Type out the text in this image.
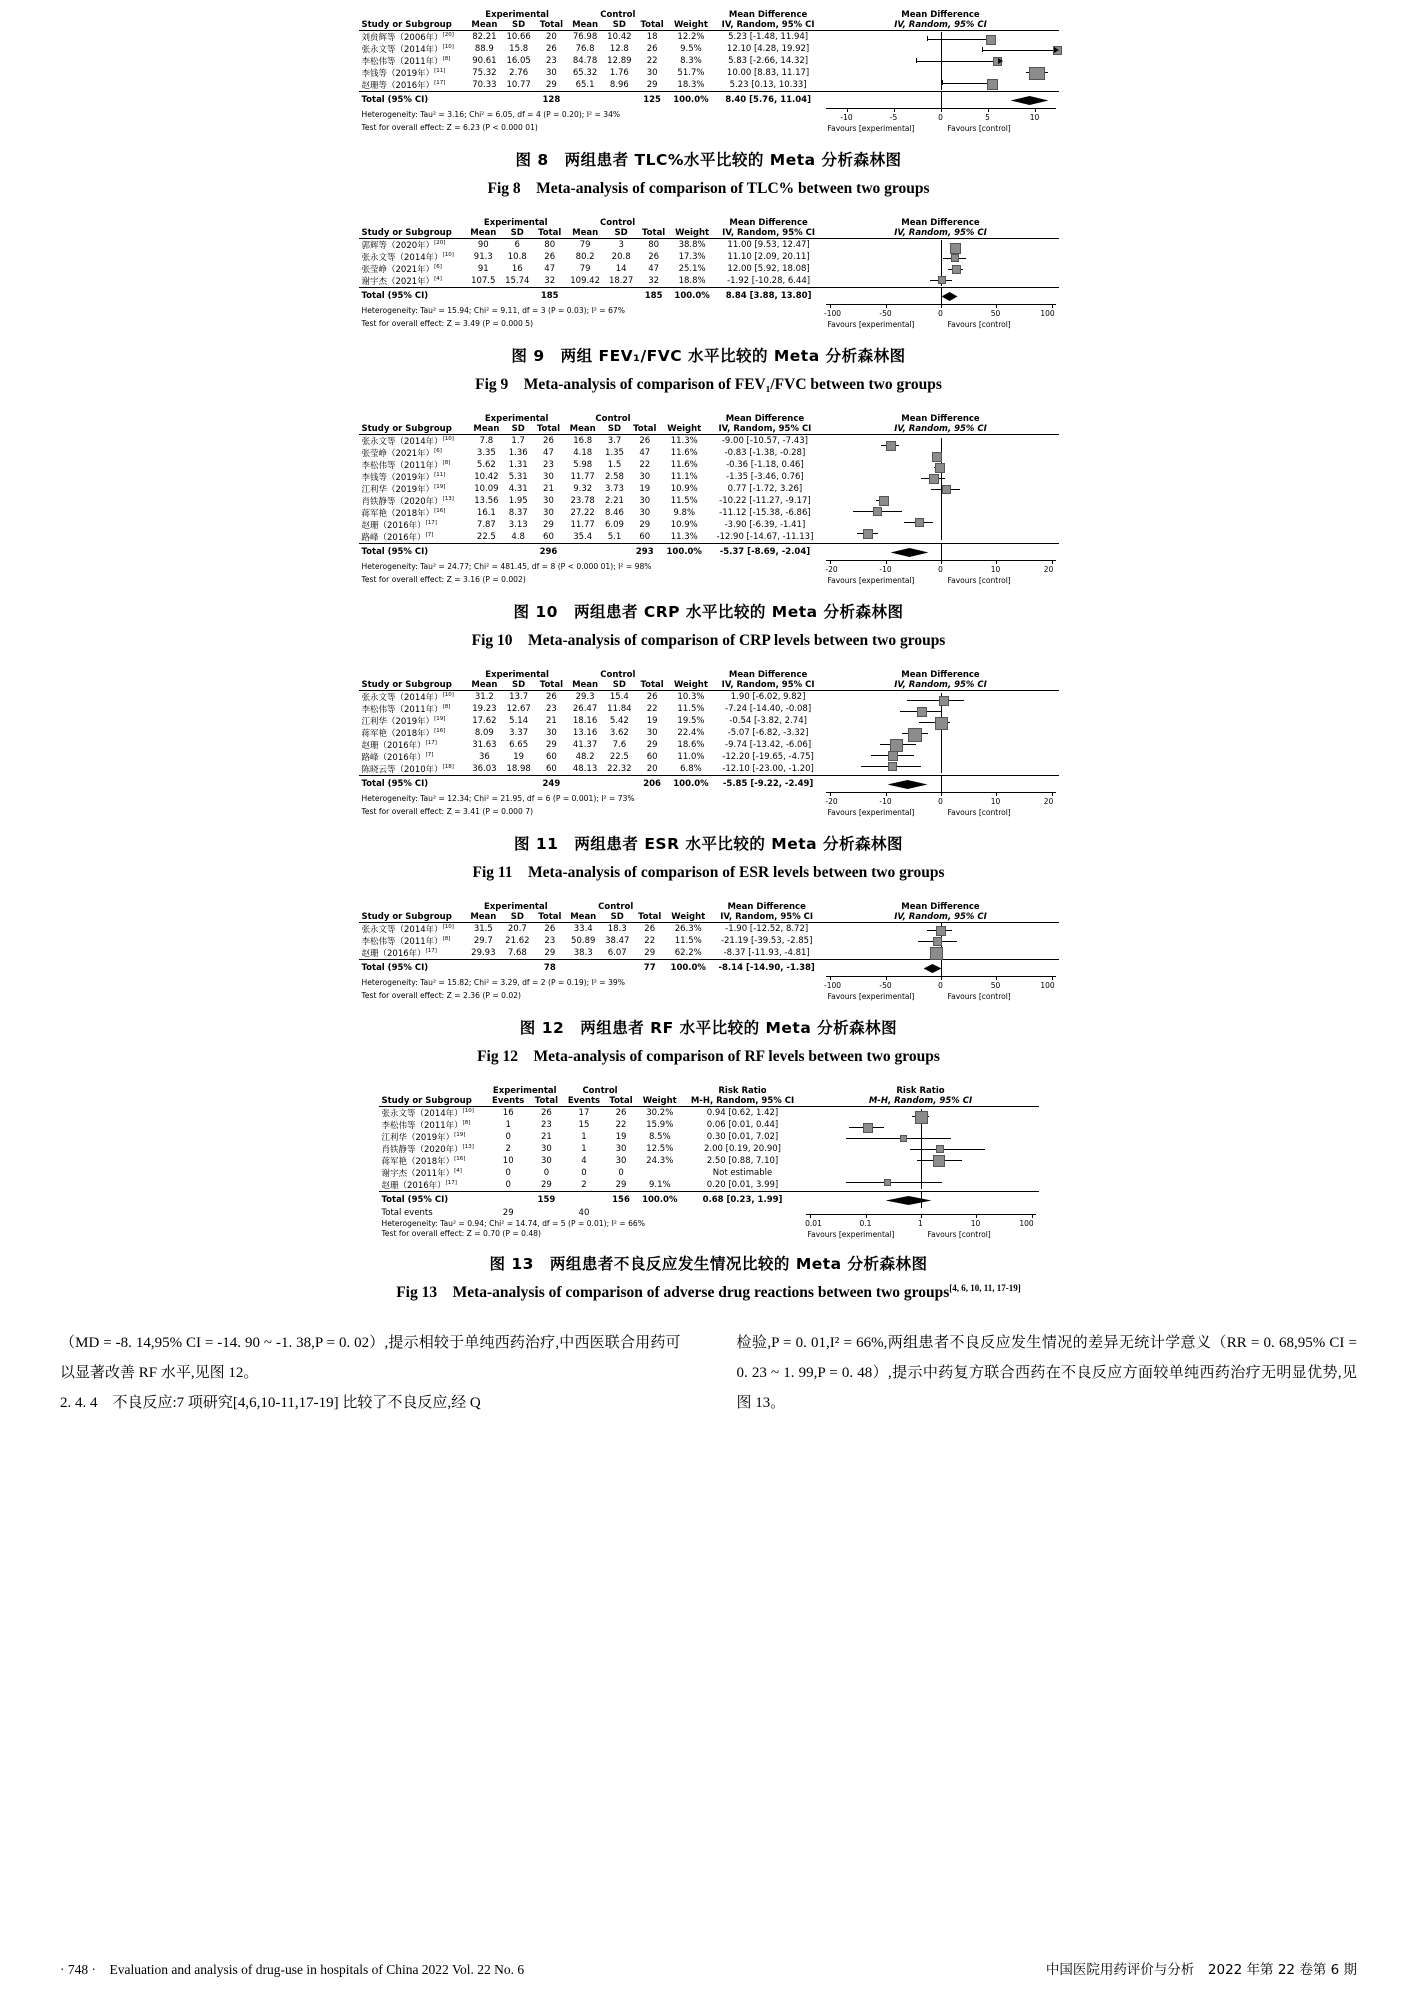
	Experimental			Control				Mean Difference	Mean Difference
Study or Subgroup	Mean	SD	Total	Mean	SD	Total	Weight	IV, Random, 95% CI	IV, Random, 95% CI
刘贠辉等（2006年）[20]	82.21	10.66	20	76.98	10.42	18	12.2%	5.23 [-1.48, 11.94]	

张永文等（2014年）[10]	88.9	15.8	26	76.8	12.8	26	9.5%	12.10 [4.28, 19.92]	
李松伟等（2011年）[8]	90.61	16.05	23	84.78	12.89	22	8.3%	5.83 [-2.66, 14.32]	
李钱等（2019年）[11]	75.32	2.76	30	65.32	1.76	30	51.7%	10.00 [8.83, 11.17]	
赵珊等（2016年）[17]	70.33	10.77	29	65.1	8.96	29	18.3%	5.23 [0.13, 10.33]	
Total (95% CI)			128			125	100.0%	8.40 [5.76, 11.04]	

Heterogeneity: Tau² = 3.16; Chi² = 6.05, df = 4 (P = 0.20); I² = 34%	-10	-5	0	5	10
Favours [experimental]	Favours [control]

Test for overall effect: Z = 6.23 (P < 0.000 01)									
图 8　两组患者 TLC%水平比较的 Meta 分析森林图
Fig 8　Meta-analysis of comparison of TLC% between two groups
	Experimental			Control				Mean Difference	Mean Difference
Study or Subgroup	Mean	SD	Total	Mean	SD	Total	Weight	IV, Random, 95% CI	IV, Random, 95% CI
郭辉等（2020年）[20]	90	6	80	79	3	80	38.8%	11.00 [9.53, 12.47]	

张永文等（2014年）[10]	91.3	10.8	26	80.2	20.8	26	17.3%	11.10 [2.09, 20.11]	
张莹峥（2021年）[6]	91	16	47	79	14	47	25.1%	12.00 [5.92, 18.08]	
谢宇杰（2021年）[4]	107.5	15.74	32	109.42	18.27	32	18.8%	-1.92 [-10.28, 6.44]	
Total (95% CI)			185			185	100.0%	8.84 [3.88, 13.80]	

Heterogeneity: Tau² = 15.94; Chi² = 9.11, df = 3 (P = 0.03); I² = 67%	-100	-50	0	50	100
Favours [experimental]	Favours [control]

Test for overall effect: Z = 3.49 (P = 0.000 5)									
图 9　两组 FEV₁/FVC 水平比较的 Meta 分析森林图
Fig 9　Meta-analysis of comparison of FEV₁/FVC between two groups
	Experimental			Control				Mean Difference	Mean Difference
Study or Subgroup	Mean	SD	Total	Mean	SD	Total	Weight	IV, Random, 95% CI	IV, Random, 95% CI
张永文等（2014年）[10]	7.8	1.7	26	16.8	3.7	26	11.3%	-9.00 [-10.57, -7.43]	

张莹峥（2021年）[6]	3.35	1.36	47	4.18	1.35	47	11.6%	-0.83 [-1.38, -0.28]	
李松伟等（2011年）[8]	5.62	1.31	23	5.98	1.5	22	11.6%	-0.36 [-1.18, 0.46]	
李钱等（2019年）[11]	10.42	5.31	30	11.77	2.58	30	11.1%	-1.35 [-3.46, 0.76]	
江利华（2019年）[19]	10.09	4.31	21	9.32	3.73	19	10.9%	0.77 [-1.72, 3.26]	
肖铁静等（2020年）[13]	13.56	1.95	30	23.78	2.21	30	11.5%	-10.22 [-11.27, -9.17]	
蒋军艳（2018年）[16]	16.1	8.37	30	27.22	8.46	30	9.8%	-11.12 [-15.38, -6.86]	
赵珊（2016年）[17]	7.87	3.13	29	11.77	6.09	29	10.9%	-3.90 [-6.39, -1.41]	
路峰（2016年）[7]	22.5	4.8	60	35.4	5.1	60	11.3%	-12.90 [-14.67, -11.13]	
Total (95% CI)			296			293	100.0%	-5.37 [-8.69, -2.04]	

Heterogeneity: Tau² = 24.77; Chi² = 481.45, df = 8 (P < 0.000 01); I² = 98%	-20	-10	0	10	20
Favours [experimental]	Favours [control]

Test for overall effect: Z = 3.16 (P = 0.002)									
图 10　两组患者 CRP 水平比较的 Meta 分析森林图
Fig 10　Meta-analysis of comparison of CRP levels between two groups
	Experimental			Control				Mean Difference	Mean Difference
Study or Subgroup	Mean	SD	Total	Mean	SD	Total	Weight	IV, Random, 95% CI	IV, Random, 95% CI
张永文等（2014年）[10]	31.2	13.7	26	29.3	15.4	26	10.3%	1.90 [-6.02, 9.82]	

李松伟等（2011年）[8]	19.23	12.67	23	26.47	11.84	22	11.5%	-7.24 [-14.40, -0.08]	
江利华（2019年）[19]	17.62	5.14	21	18.16	5.42	19	19.5%	-0.54 [-3.82, 2.74]	
蒋军艳（2018年）[16]	8.09	3.37	30	13.16	3.62	30	22.4%	-5.07 [-6.82, -3.32]	
赵珊（2016年）[17]	31.63	6.65	29	41.37	7.6	29	18.6%	-9.74 [-13.42, -6.06]	
路峰（2016年）[7]	36	19	60	48.2	22.5	60	11.0%	-12.20 [-19.65, -4.75]	
陈晓云等（2010年）[18]	36.03	18.98	60	48.13	22.32	20	6.8%	-12.10 [-23.00, -1.20]	
Total (95% CI)			249			206	100.0%	-5.85 [-9.22, -2.49]	

Heterogeneity: Tau² = 12.34; Chi² = 21.95, df = 6 (P = 0.001); I² = 73%	-20	-10	0	10	20
Favours [experimental]	Favours [control]

Test for overall effect: Z = 3.41 (P = 0.000 7)									
图 11　两组患者 ESR 水平比较的 Meta 分析森林图
Fig 11　Meta-analysis of comparison of ESR levels between two groups
	Experimental			Control				Mean Difference	Mean Difference
Study or Subgroup	Mean	SD	Total	Mean	SD	Total	Weight	IV, Random, 95% CI	IV, Random, 95% CI
张永文等（2014年）[10]	31.5	20.7	26	33.4	18.3	26	26.3%	-1.90 [-12.52, 8.72]	

李松伟等（2011年）[8]	29.7	21.62	23	50.89	38.47	22	11.5%	-21.19 [-39.53, -2.85]	
赵珊（2016年）[17]	29.93	7.68	29	38.3	6.07	29	62.2%	-8.37 [-11.93, -4.81]	
Total (95% CI)			78			77	100.0%	-8.14 [-14.90, -1.38]	

Heterogeneity: Tau² = 15.82; Chi² = 3.29, df = 2 (P = 0.19); I² = 39%	-100	-50	0	50	100
Favours [experimental]	Favours [control]

Test for overall effect: Z = 2.36 (P = 0.02)									
图 12　两组患者 RF 水平比较的 Meta 分析森林图
Fig 12　Meta-analysis of comparison of RF levels between two groups
	Experimental		Control			Risk Ratio	Risk Ratio
Study or Subgroup	Events	Total	Events	Total	Weight	M-H, Random, 95% CI	M-H, Random, 95% CI
张永文等（2014年）[10]	16	26	17	26	30.2%	0.94 [0.62, 1.42]	

李松伟等（2011年）[8]	1	23	15	22	15.9%	0.06 [0.01, 0.44]	
江利华（2019年）[19]	0	21	1	19	8.5%	0.30 [0.01, 7.02]	
肖铁静等（2020年）[13]	2	30	1	30	12.5%	2.00 [0.19, 20.90]	
蒋军艳（2018年）[16]	10	30	4	30	24.3%	2.50 [0.88, 7.10]	
谢宇杰（2011年）[4]	0	0	0	0		Not estimable	
赵珊（2016年）[17]	0	29	2	29	9.1%	0.20 [0.01, 3.99]	
Total (95% CI)		159		156	100.0%	0.68 [0.23, 1.99]	

Total events	29		40				
0.01	0.1	1	10	100
Favours [experimental]	Favours [control]

Heterogeneity: Tau² = 0.94; Chi² = 14.74, df = 5 (P = 0.01); I² = 66%							
Test for overall effect: Z = 0.70 (P = 0.48)							
图 13　两组患者不良反应发生情况比较的 Meta 分析森林图
Fig 13　Meta-analysis of comparison of adverse drug reactions between two groups[4, 6, 10, 11, 17-19]

（MD = -8. 14,95% CI = -14. 90 ~ -1. 38,P = 0. 02）,提示相较于单纯西药治疗,中西医联合用药可以显著改善 RF 水平,见图 12。

2. 4. 4　不良反应:7 项研究[4,6,10-11,17-19] 比较了不良反应,经 Q

检验,P = 0. 01,I² = 66%,两组患者不良反应发生情况的差异无统计学意义（RR = 0. 68,95% CI = 0. 23 ~ 1. 99,P = 0. 48）,提示中药复方联合西药在不良反应方面较单纯西药治疗无明显优势,见图 13。

· 748 ·　Evaluation and analysis of drug-use in hospitals of China 2022 Vol. 22 No. 6	中国医院用药评价与分析　2022 年第 22 卷第 6 期
